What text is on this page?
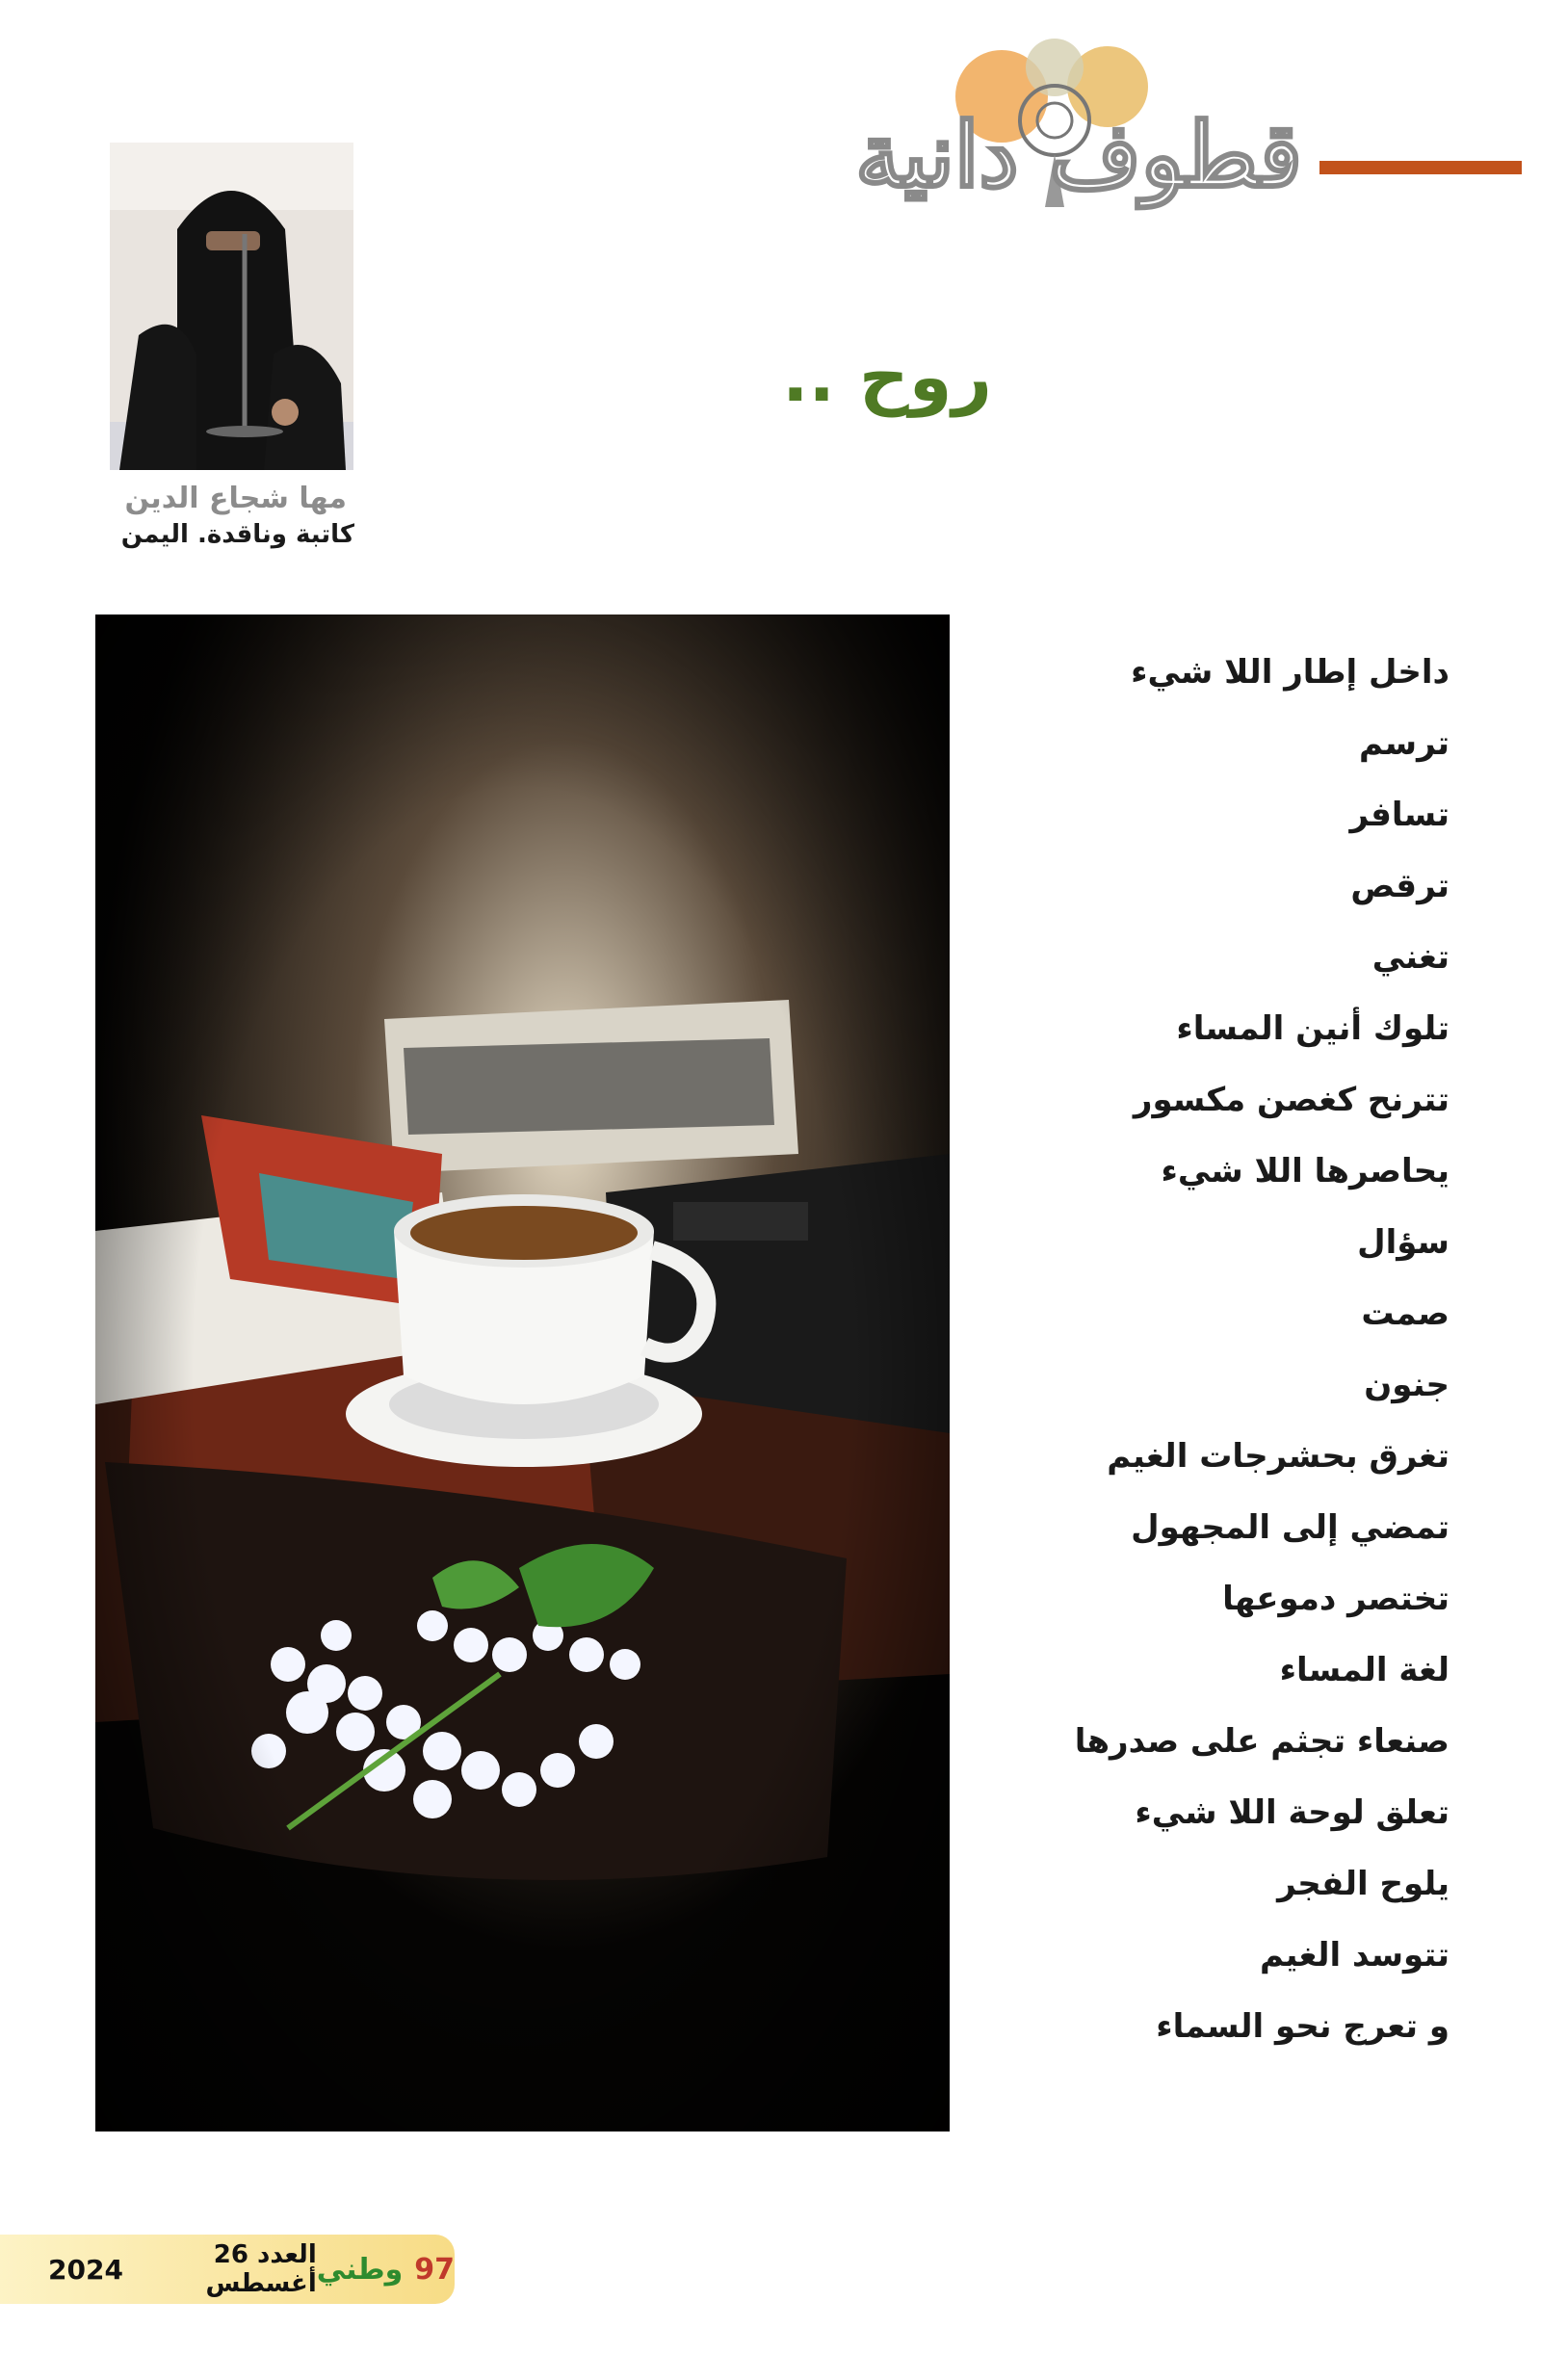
قطوف دانية
مها شجاع الدين
كاتبة وناقدة. اليمن
روح ..
داخل إطار اللا شيء
ترسم
تسافر
ترقص
تغني
تلوك أنين المساء
تترنح كغصن مكسور
يحاصرها اللا شيء
سؤال
صمت
جنون
تغرق بحشرجات الغيم
تمضي إلى المجهول
تختصر دموعها
لغة المساء
صنعاء تجثم على صدرها
تعلق لوحة اللا شيء
يلوح الفجر
تتوسد الغيم
و تعرج نحو السماء
2024	العدد 26 أغسطس وطني 97
